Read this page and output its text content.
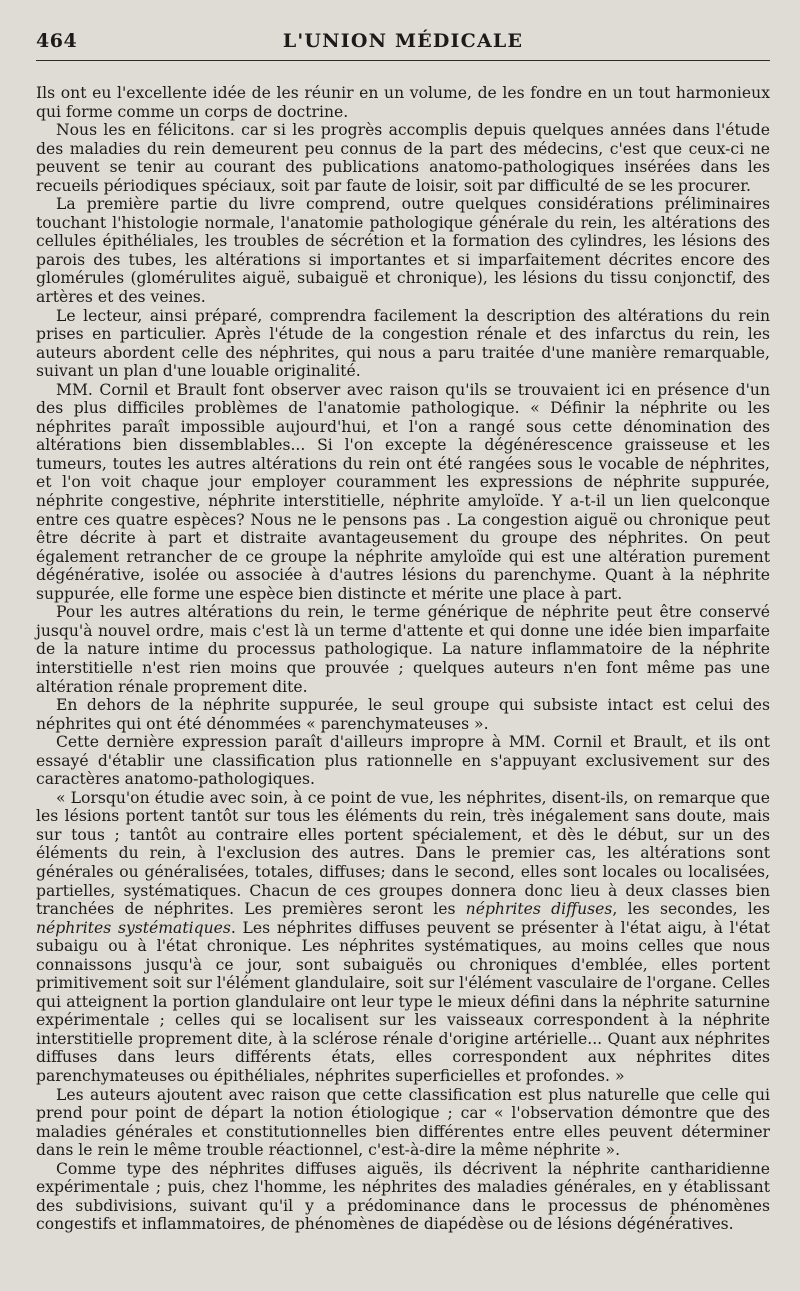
464	L'UNION MÉDICALE

Ils ont eu l'excellente idée de les réunir en un volume, de les fondre en un tout harmonieux qui forme comme un corps de doctrine.

Nous les en félicitons. car si les progrès accomplis depuis quelques années dans l'étude des maladies du rein demeurent peu connus de la part des médecins, c'est que ceux-ci ne peuvent se tenir au courant des publications anatomo-pathologiques insérées dans les recueils périodiques spéciaux, soit par faute de loisir, soit par difficulté de se les procurer.

La première partie du livre comprend, outre quelques considérations préliminaires touchant l'histologie normale, l'anatomie pathologique générale du rein, les altérations des cellules épithéliales, les troubles de sécrétion et la formation des cylindres, les lésions des parois des tubes, les altérations si importantes et si imparfaitement décrites encore des glomérules (glomérulites aiguë, subaiguë et chronique), les lésions du tissu conjonctif, des artères et des veines.

Le lecteur, ainsi préparé, comprendra facilement la description des altérations du rein prises en particulier. Après l'étude de la congestion rénale et des infarctus du rein, les auteurs abordent celle des néphrites, qui nous a paru traitée d'une manière remarquable, suivant un plan d'une louable originalité.

MM. Cornil et Brault font observer avec raison qu'ils se trouvaient ici en présence d'un des plus difficiles problèmes de l'anatomie pathologique. « Définir la néphrite ou les néphrites paraît impossible aujourd'hui, et l'on a rangé sous cette dénomination des altérations bien dissemblables... Si l'on excepte la dégénérescence graisseuse et les tumeurs, toutes les autres altérations du rein ont été rangées sous le vocable de néphrites, et l'on voit chaque jour employer couramment les expressions de néphrite suppurée, néphrite congestive, néphrite interstitielle, néphrite amyloïde. Y a-t-il un lien quelconque entre ces quatre espèces? Nous ne le pensons pas . La congestion aiguë ou chronique peut être décrite à part et distraite avantageusement du groupe des néphrites. On peut également retrancher de ce groupe la néphrite amyloïde qui est une altération purement dégénérative, isolée ou associée à d'autres lésions du parenchyme. Quant à la néphrite suppurée, elle forme une espèce bien distincte et mérite une place à part.

Pour les autres altérations du rein, le terme générique de néphrite peut être conservé jusqu'à nouvel ordre, mais c'est là un terme d'attente et qui donne une idée bien imparfaite de la nature intime du processus pathologique. La nature inflammatoire de la néphrite interstitielle n'est rien moins que prouvée ; quelques auteurs n'en font même pas une altération rénale proprement dite.

En dehors de la néphrite suppurée, le seul groupe qui subsiste intact est celui des néphrites qui ont été dénommées « parenchymateuses ».

Cette dernière expression paraît d'ailleurs impropre à MM. Cornil et Brault, et ils ont essayé d'établir une classification plus rationnelle en s'appuyant exclusivement sur des caractères anatomo-pathologiques.

« Lorsqu'on étudie avec soin, à ce point de vue, les néphrites, disent-ils, on remarque que les lésions portent tantôt sur tous les éléments du rein, très inégalement sans doute, mais sur tous ; tantôt au contraire elles portent spécialement, et dès le début, sur un des éléments du rein, à l'exclusion des autres. Dans le premier cas, les altérations sont générales ou généralisées, totales, diffuses; dans le second, elles sont locales ou localisées, partielles, systématiques. Chacun de ces groupes donnera donc lieu à deux classes bien tranchées de néphrites. Les premières seront les néphrites diffuses, les secondes, les néphrites systématiques. Les néphrites diffuses peuvent se présenter à l'état aigu, à l'état subaigu ou à l'état chronique. Les néphrites systématiques, au moins celles que nous connaissons jusqu'à ce jour, sont subaiguës ou chroniques d'emblée, elles portent primitivement soit sur l'élément glandulaire, soit sur l'élément vasculaire de l'organe. Celles qui atteignent la portion glandulaire ont leur type le mieux défini dans la néphrite saturnine expérimentale ; celles qui se localisent sur les vaisseaux correspondent à la néphrite interstitielle proprement dite, à la sclérose rénale d'origine artérielle... Quant aux néphrites diffuses dans leurs différents états, elles correspondent aux néphrites dites parenchymateuses ou épithéliales, néphrites superficielles et profondes. »

Les auteurs ajoutent avec raison que cette classification est plus naturelle que celle qui prend pour point de départ la notion étiologique ; car « l'observation démontre que des maladies générales et constitutionnelles bien différentes entre elles peuvent déterminer dans le rein le même trouble réactionnel, c'est-à-dire la même néphrite ».

Comme type des néphrites diffuses aiguës, ils décrivent la néphrite cantharidienne expérimentale ; puis, chez l'homme, les néphrites des maladies générales, en y établissant des subdivisions, suivant qu'il y a prédominance dans le processus de phénomènes congestifs et inflammatoires, de phénomènes de diapédèse ou de lésions dégénératives.
